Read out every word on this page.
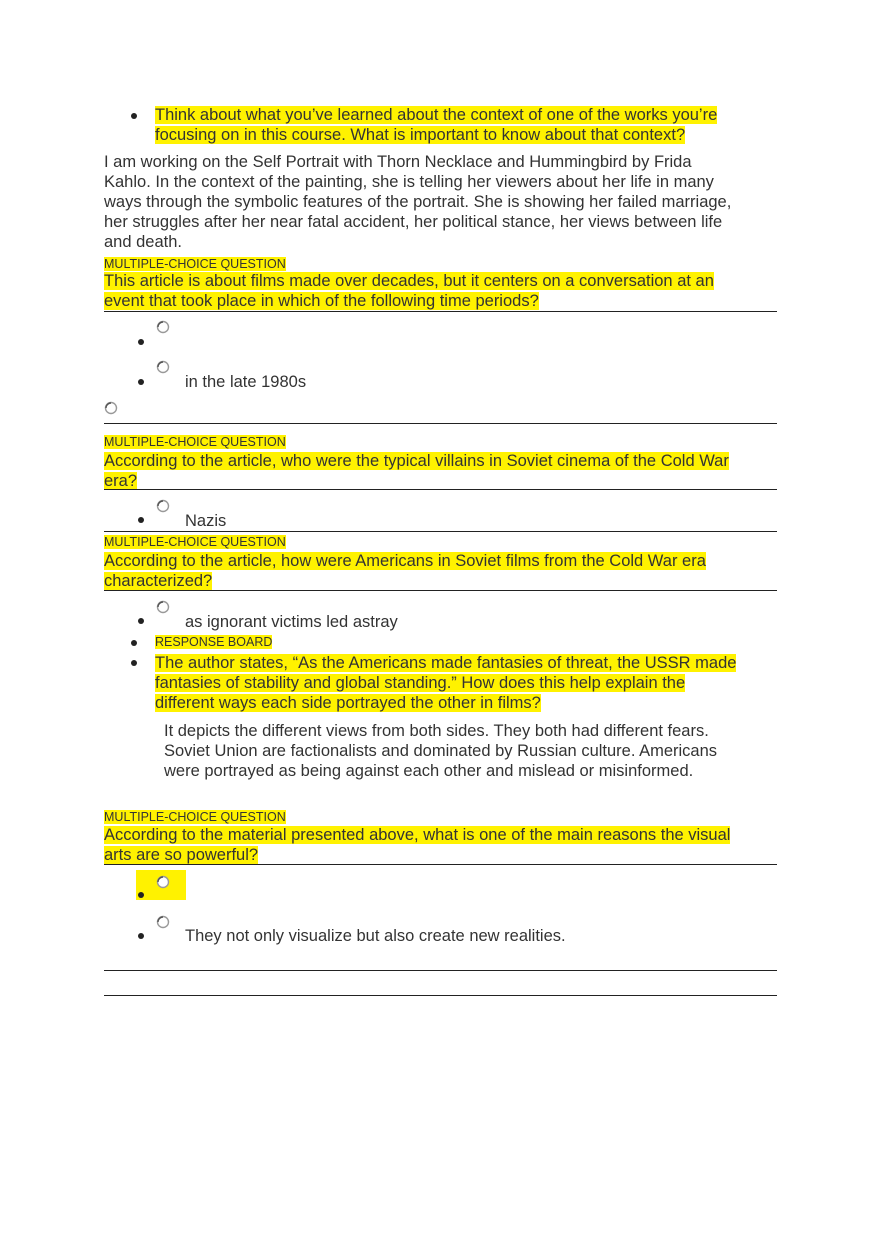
Think about what you’ve learned about the context of one of the works you’re
focusing on in this course. What is important to know about that context?
I am working on the Self Portrait with Thorn Necklace and Hummingbird by Frida
Kahlo. In the context of the painting, she is telling her viewers about her life in many
ways through the symbolic features of the portrait. She is showing her failed marriage,
her struggles after her near fatal accident, her political stance, her views between life
and death.
MULTIPLE-CHOICE QUESTION
This article is about films made over decades, but it centers on a conversation at an
event that took place in which of the following time periods?
in the late 1980s
MULTIPLE-CHOICE QUESTION
According to the article, who were the typical villains in Soviet cinema of the Cold War
era?
Nazis
MULTIPLE-CHOICE QUESTION
According to the article, how were Americans in Soviet films from the Cold War era
characterized?
as ignorant victims led astray
RESPONSE BOARD
The author states, “As the Americans made fantasies of threat, the USSR made
fantasies of stability and global standing.” How does this help explain the
different ways each side portrayed the other in films?
It depicts the different views from both sides. They both had different fears.
Soviet Union are factionalists and dominated by Russian culture. Americans
were portrayed as being against each other and mislead or misinformed.
MULTIPLE-CHOICE QUESTION
According to the material presented above, what is one of the main reasons the visual
arts are so powerful?
They not only visualize but also create new realities.
